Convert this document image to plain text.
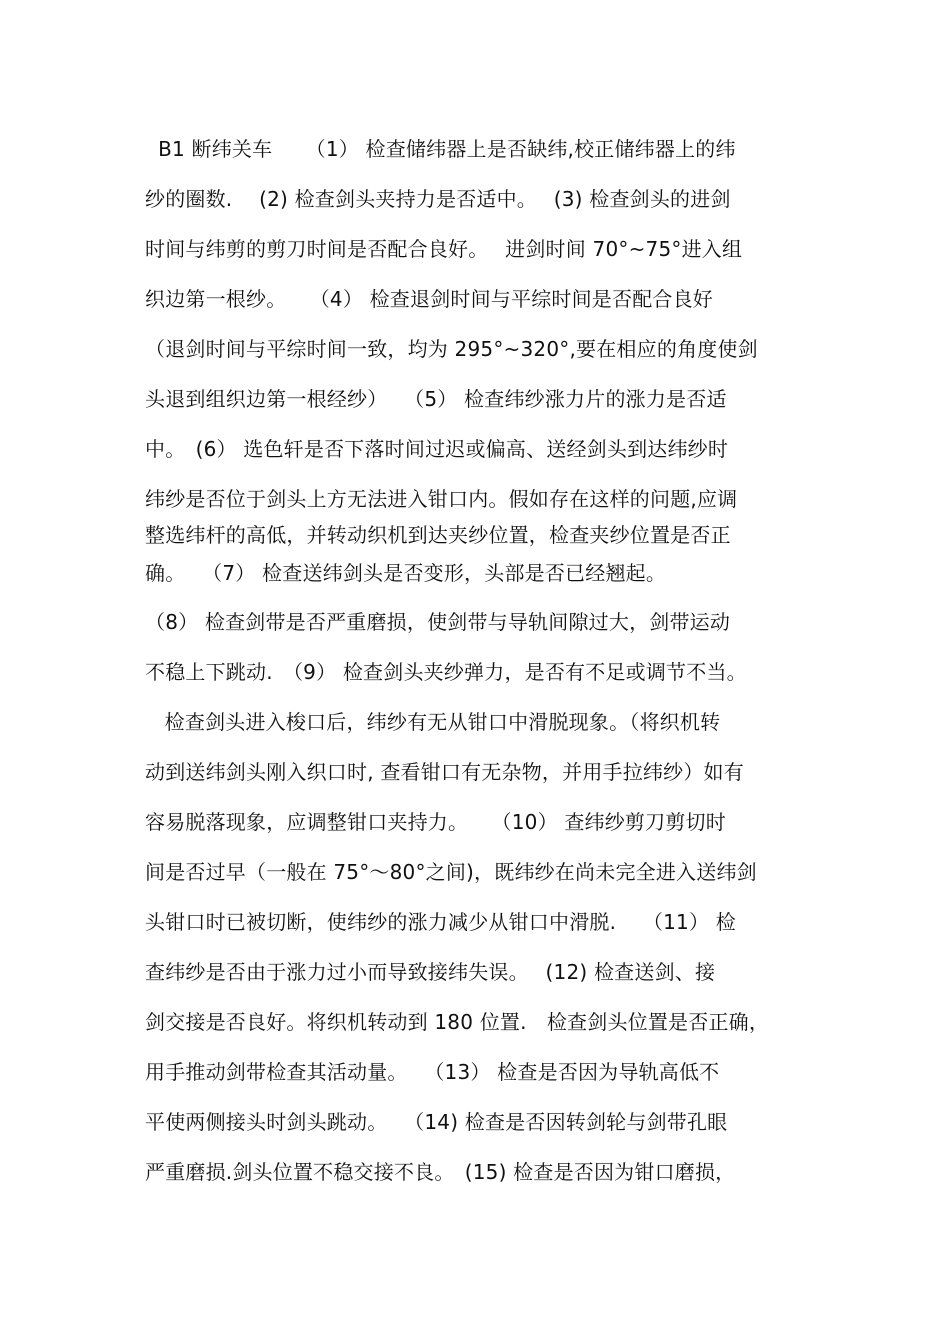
B1 断纬关车　  （1） 检查储纬器上是否缺纬,校正储纬器上的纬
纱的圈数.　 (2) 检查剑头夹持力是否适中。　 (3) 检查剑头的进剑
时间与纬剪的剪刀时间是否配合良好。　 进剑时间 70°~75°进入组
织边第一根纱。　  （4） 检查退剑时间与平综时间是否配合良好
（退剑时间与平综时间一致，均为 295°~320°,要在相应的角度使剑
头退到组织边第一根经纱）　 （5） 检查纬纱涨力片的涨力是否适
中。　(6） 选色轩是否下落时间过迟或偏高、送经剑头到达纬纱时
纬纱是否位于剑头上方无法进入钳口内。假如存在这样的问题,应调
整选纬杆的高低，并转动织机到达夹纱位置，检查夹纱位置是否正
确。　 （7） 检查送纬剑头是否变形，头部是否已经翘起。
（8） 检查剑带是否严重磨损，使剑带与导轨间隙过大，剑带运动
不稳上下跳动.　（9） 检查剑头夹纱弹力，是否有不足或调节不当。
检查剑头进入梭口后，纬纱有无从钳口中滑脱现象。（将织机转
动到送纬剑头刚入织口时, 查看钳口有无杂物，并用手拉纬纱）如有
容易脱落现象，应调整钳口夹持力。　  （10） 查纬纱剪刀剪切时
间是否过早（一般在 75°～80°之间)，既纬纱在尚未完全进入送纬剑
头钳口时已被切断，使纬纱的涨力减少从钳口中滑脱.　 （11） 检
查纬纱是否由于涨力过小而导致接纬失误。　 (12) 检查送剑、接
剑交接是否良好。将织机转动到 180 位置.　检查剑头位置是否正确，
用手推动剑带检查其活动量。　 （13） 检查是否因为导轨高低不
平使两侧接头时剑头跳动。　 （14) 检查是否因转剑轮与剑带孔眼
严重磨损.剑头位置不稳交接不良。　(15) 检查是否因为钳口磨损，
